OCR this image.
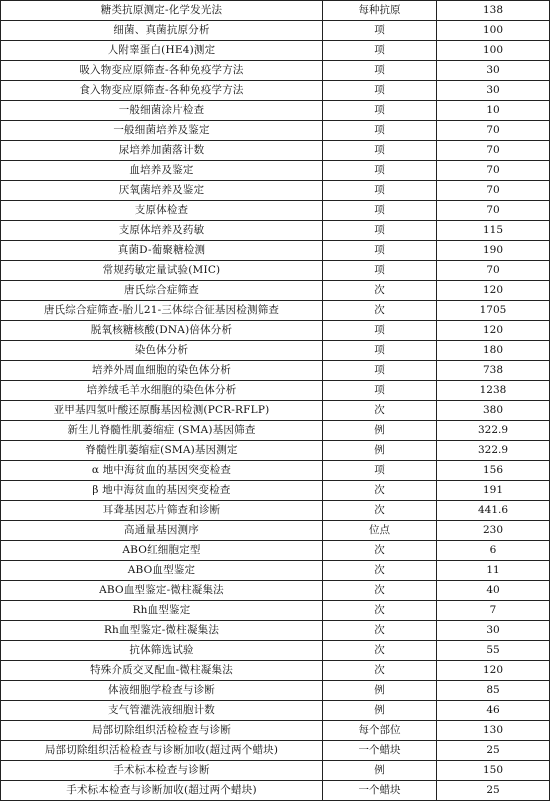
糖类抗原测定-化学发光法	每种抗原	138
细菌、真菌抗原分析	项	100
人附睾蛋白(HE4)测定	项	100
吸入物变应原筛查-各种免疫学方法	项	30
食入物变应原筛查-各种免疫学方法	项	30
一般细菌涂片检查	项	10
一般细菌培养及鉴定	项	70
尿培养加菌落计数	项	70
血培养及鉴定	项	70
厌氧菌培养及鉴定	项	70
支原体检查	项	70
支原体培养及药敏	项	115
真菌D-葡聚糖检测	项	190
常规药敏定量试验(MIC)	项	70
唐氏综合症筛查	次	120
唐氏综合症筛查-胎儿21-三体综合征基因检测筛查	次	1705
脱氧核糖核酸(DNA)倍体分析	项	120
染色体分析	项	180
培养外周血细胞的染色体分析	项	738
培养绒毛羊水细胞的染色体分析	项	1238
亚甲基四氢叶酸还原酶基因检测(PCR-RFLP)	次	380
新生儿脊髓性肌萎缩症 (SMA)基因筛查	例	322.9
脊髓性肌萎缩症(SMA)基因测定	例	322.9
α 地中海贫血的基因突变检查	项	156
β 地中海贫血的基因突变检查	次	191
耳聋基因芯片筛查和诊断	次	441.6
高通量基因测序	位点	230
ABO红细胞定型	次	6
ABO血型鉴定	次	11
ABO血型鉴定-微柱凝集法	次	40
Rh血型鉴定	次	7
Rh血型鉴定-微柱凝集法	次	30
抗体筛选试验	次	55
特殊介质交叉配血-微柱凝集法	次	120
体液细胞学检查与诊断	例	85
支气管灌洗液细胞计数	例	46
局部切除组织活检检查与诊断	每个部位	130
局部切除组织活检检查与诊断加收(超过两个蜡块)	一个蜡块	25
手术标本检查与诊断	例	150
手术标本检查与诊断加收(超过两个蜡块)	一个蜡块	25
